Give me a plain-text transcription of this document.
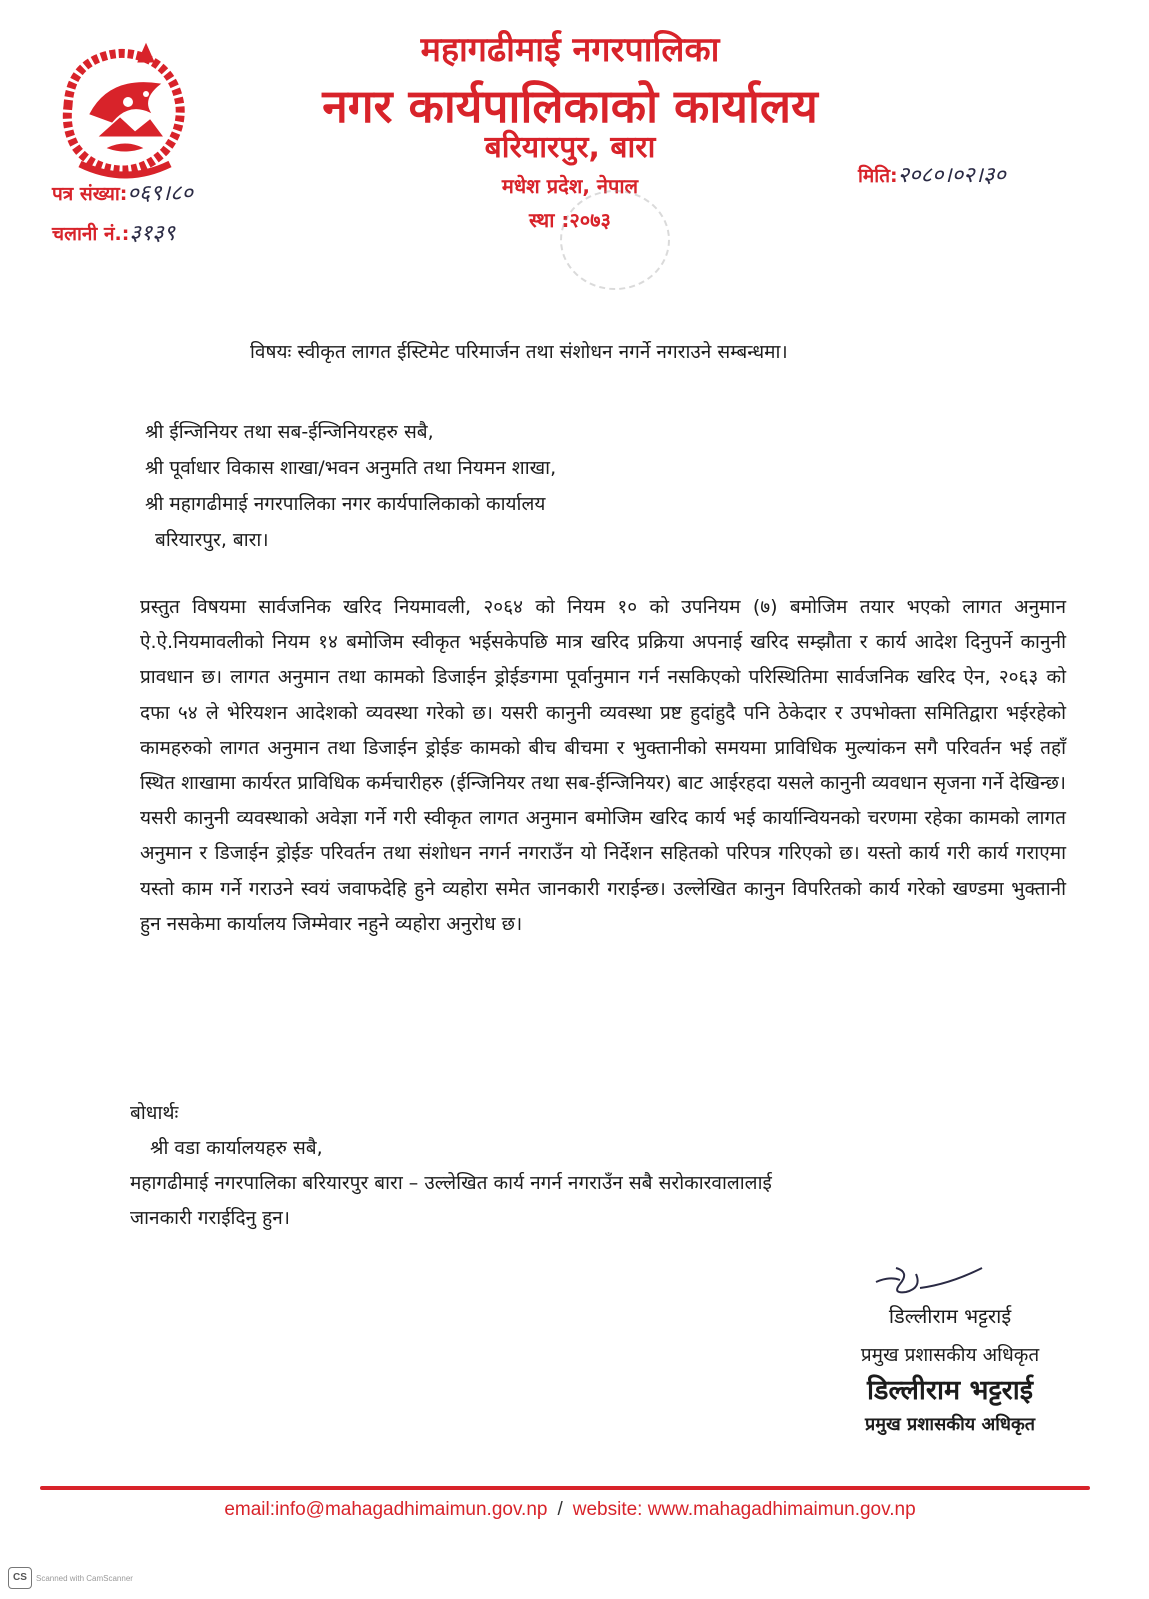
महागढीमाई नगरपालिका
नगर कार्यपालिकाको कार्यालय
बरियारपुर, बारा
मधेश प्रदेश, नेपाल
स्था :२०७३
पत्र संख्या:०६९।८०
चलानी नं.:३१३९
मिति:२०८०।०२।३०
विषयः स्वीकृत लागत ईस्टिमेट परिमार्जन तथा संशोधन नगर्ने नगराउने सम्बन्धमा।
श्री ईन्जिनियर तथा सब-ईन्जिनियरहरु सबै,
श्री पूर्वाधार विकास शाखा/भवन अनुमति तथा नियमन शाखा,
श्री महागढीमाई नगरपालिका नगर कार्यपालिकाको कार्यालय
बरियारपुर, बारा।
प्रस्तुत विषयमा सार्वजनिक खरिद नियमावली, २०६४ को नियम १० को उपनियम (७) बमोजिम तयार भएको लागत अनुमान ऐ.ऐ.नियमावलीको नियम १४ बमोजिम स्वीकृत भईसकेपछि मात्र खरिद प्रक्रिया अपनाई खरिद सम्झौता र कार्य आदेश दिनुपर्ने कानुनी प्रावधान छ। लागत अनुमान तथा कामको डिजाईन ड्रोईङगमा पूर्वानुमान गर्न नसकिएको परिस्थितिमा सार्वजनिक खरिद ऐन, २०६३ को दफा ५४ ले भेरियशन आदेशको व्यवस्था गरेको छ। यसरी कानुनी व्यवस्था प्रष्ट हुदांहुदै पनि ठेकेदार र उपभोक्ता समितिद्वारा भईरहेको कामहरुको लागत अनुमान तथा डिजाईन ड्रोईङ कामको बीच बीचमा र भुक्तानीको समयमा प्राविधिक मुल्यांकन सगै परिवर्तन भई तहाँ स्थित शाखामा कार्यरत प्राविधिक कर्मचारीहरु (ईन्जिनियर तथा सब-ईन्जिनियर) बाट आईरहदा यसले कानुनी व्यवधान सृजना गर्ने देखिन्छ। यसरी कानुनी व्यवस्थाको अवेज्ञा गर्ने गरी स्वीकृत लागत अनुमान बमोजिम खरिद कार्य भई कार्यान्वियनको चरणमा रहेका कामको लागत अनुमान र डिजाईन ड्रोईङ परिवर्तन तथा संशोधन नगर्न नगराउँन यो निर्देशन सहितको परिपत्र गरिएको छ। यस्तो कार्य गरी कार्य गराएमा यस्तो काम गर्ने गराउने स्वयं जवाफदेहि हुने व्यहोरा समेत जानकारी गराईन्छ। उल्लेखित कानुन विपरितको कार्य गरेको खण्डमा भुक्तानी हुन नसकेमा कार्यालय जिम्मेवार नहुने व्यहोरा अनुरोध छ।
बोधार्थः
श्री वडा कार्यालयहरु सबै,
महागढीमाई नगरपालिका बरियारपुर बारा – उल्लेखित कार्य नगर्न नगराउँन सबै सरोकारवालालाई
जानकारी गराईदिनु हुन।
डिल्लीराम भट्टराई
प्रमुख प्रशासकीय अधिकृत
डिल्लीराम भट्टराई
प्रमुख प्रशासकीय अधिकृत
email:info@mahagadhimaimun.gov.np / website: www.mahagadhimaimun.gov.np
CS	Scanned with CamScanner
